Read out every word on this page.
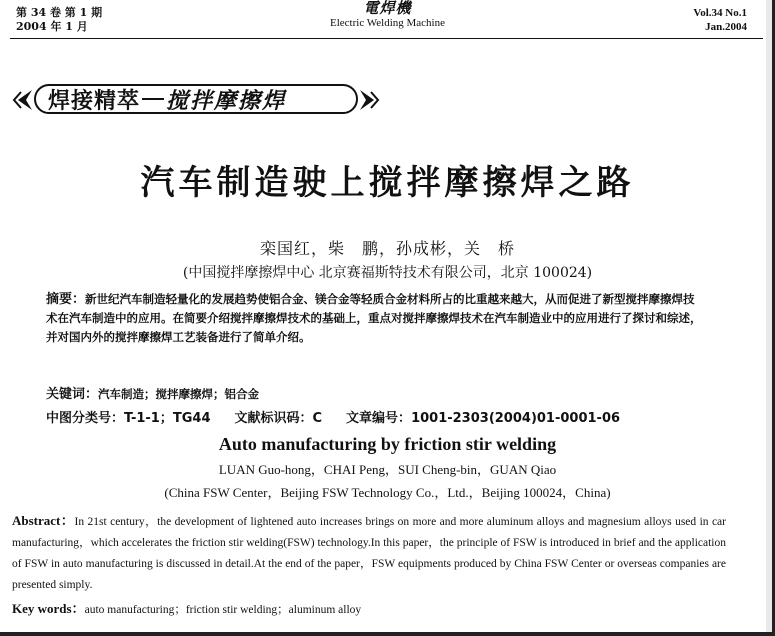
第 34 卷 第 1 期
2004 年 1 月
電焊機
Electric Welding Machine
Vol.34 No.1
Jan.2004
焊接精萃 搅拌摩擦焊
汽车制造驶上搅拌摩擦焊之路
栾国红，柴　鹏，孙成彬，关　桥
(中国搅拌摩擦焊中心 北京赛福斯特技术有限公司，北京 100024)
摘要：新世纪汽车制造轻量化的发展趋势使铝合金、镁合金等轻质合金材料所占的比重越来越大，从而促进了新型搅拌摩擦焊技术在汽车制造中的应用。在简要介绍搅拌摩擦焊技术的基础上，重点对搅拌摩擦焊技术在汽车制造业中的应用进行了探讨和综述，并对国内外的搅拌摩擦焊工艺装备进行了简单介绍。
关键词：汽车制造；搅拌摩擦焊；铝合金
中图分类号：T-1-1；TG44 文献标识码：C 文章编号：1001-2303(2004)01-0001-06
Auto manufacturing by friction stir welding
LUAN Guo-hong，CHAI Peng，SUI Cheng-bin，GUAN Qiao
(China FSW Center，Beijing FSW Technology Co.，Ltd.，Beijing 100024，China)
Abstract：In 21st century，the development of lightened auto increases brings on more and more aluminum alloys and magnesium alloys used in car manufacturing，which accelerates the friction stir welding(FSW) technology.In this paper，the principle of FSW is introduced in brief and the application of FSW in auto manufacturing is discussed in detail.At the end of the paper，FSW equipments produced by China FSW Center or overseas companies are presented simply.
Key words：auto manufacturing；friction stir welding；aluminum alloy
